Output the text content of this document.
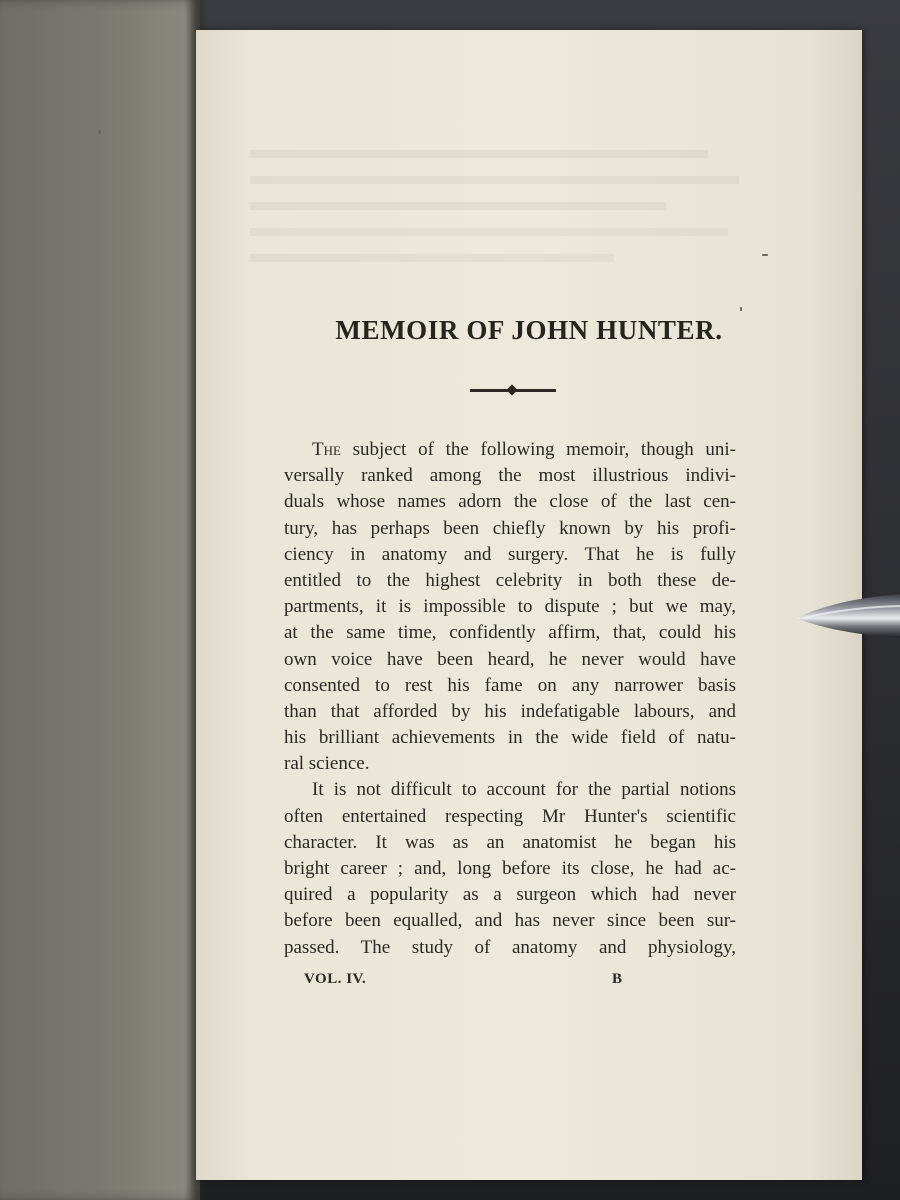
MEMOIR OF JOHN HUNTER.
The subject of the following memoir, though uni-
versally ranked among the most illustrious indivi-
duals whose names adorn the close of the last cen-
tury, has perhaps been chiefly known by his profi-
ciency in anatomy and surgery. That he is fully
entitled to the highest celebrity in both these de-
partments, it is impossible to dispute ; but we may,
at the same time, confidently affirm, that, could his
own voice have been heard, he never would have
consented to rest his fame on any narrower basis
than that afforded by his indefatigable labours, and
his brilliant achievements in the wide field of natu-
ral science.
It is not difficult to account for the partial notions
often entertained respecting Mr Hunter's scientific
character. It was as an anatomist he began his
bright career ; and, long before its close, he had ac-
quired a popularity as a surgeon which had never
before been equalled, and has never since been sur-
passed. The study of anatomy and physiology,
VOL. IV.	B
